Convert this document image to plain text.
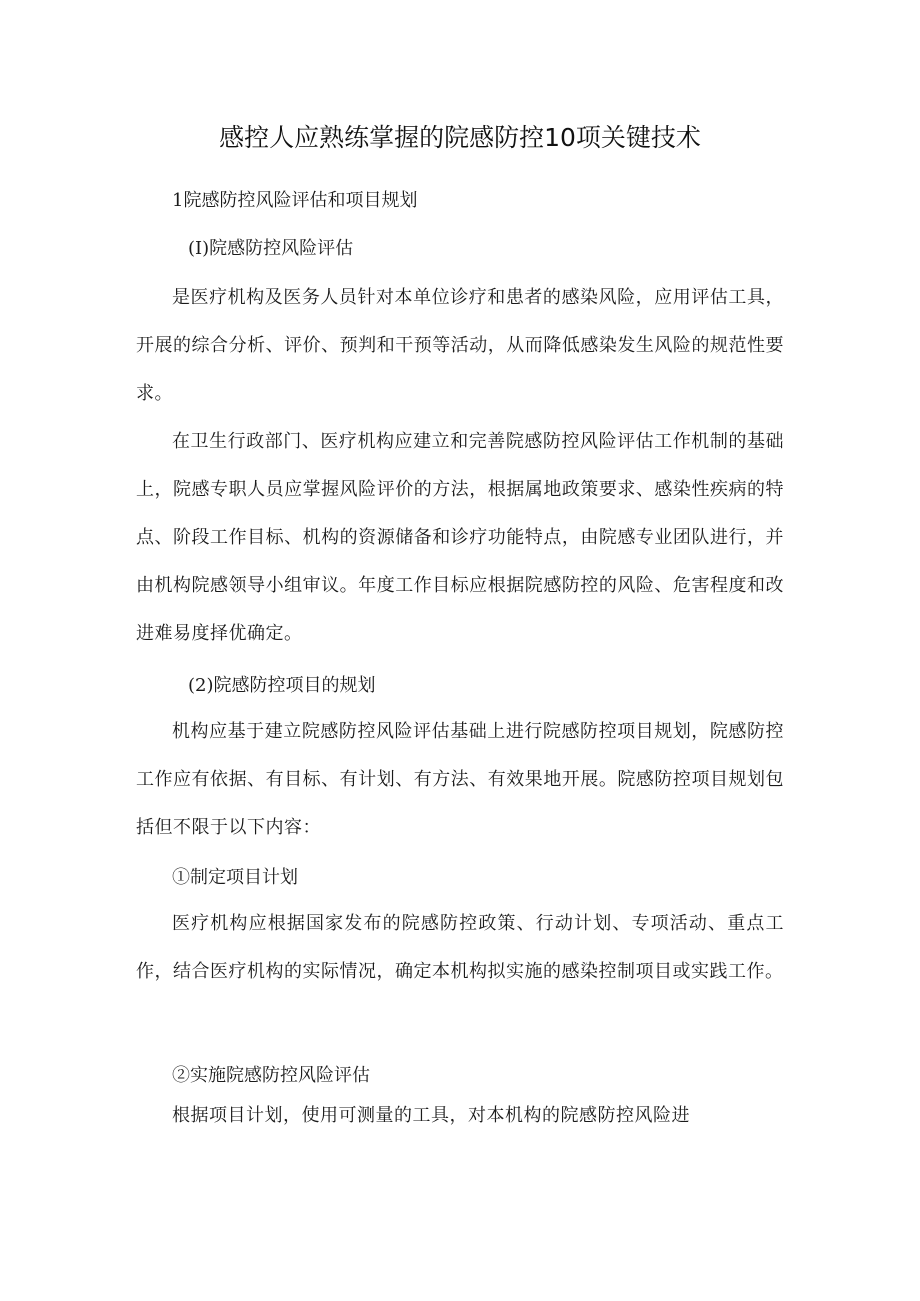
感控人应熟练掌握的院感防控10项关键技术
1院感防控风险评估和项目规划
(I)院感防控风险评估
是医疗机构及医务人员针对本单位诊疗和患者的感染风险，应用评估工具，开展的综合分析、评价、预判和干预等活动，从而降低感染发生风险的规范性要求。
在卫生行政部门、医疗机构应建立和完善院感防控风险评估工作机制的基础上，院感专职人员应掌握风险评价的方法，根据属地政策要求、感染性疾病的特点、阶段工作目标、机构的资源储备和诊疗功能特点，由院感专业团队进行，并由机构院感领导小组审议。年度工作目标应根据院感防控的风险、危害程度和改进难易度择优确定。
(2)院感防控项目的规划
机构应基于建立院感防控风险评估基础上进行院感防控项目规划，院感防控工作应有依据、有目标、有计划、有方法、有效果地开展。院感防控项目规划包括但不限于以下内容：
①制定项目计划
医疗机构应根据国家发布的院感防控政策、行动计划、专项活动、重点工作，结合医疗机构的实际情况，确定本机构拟实施的感染控制项目或实践工作。
②实施院感防控风险评估
根据项目计划，使用可测量的工具，对本机构的院感防控风险进
